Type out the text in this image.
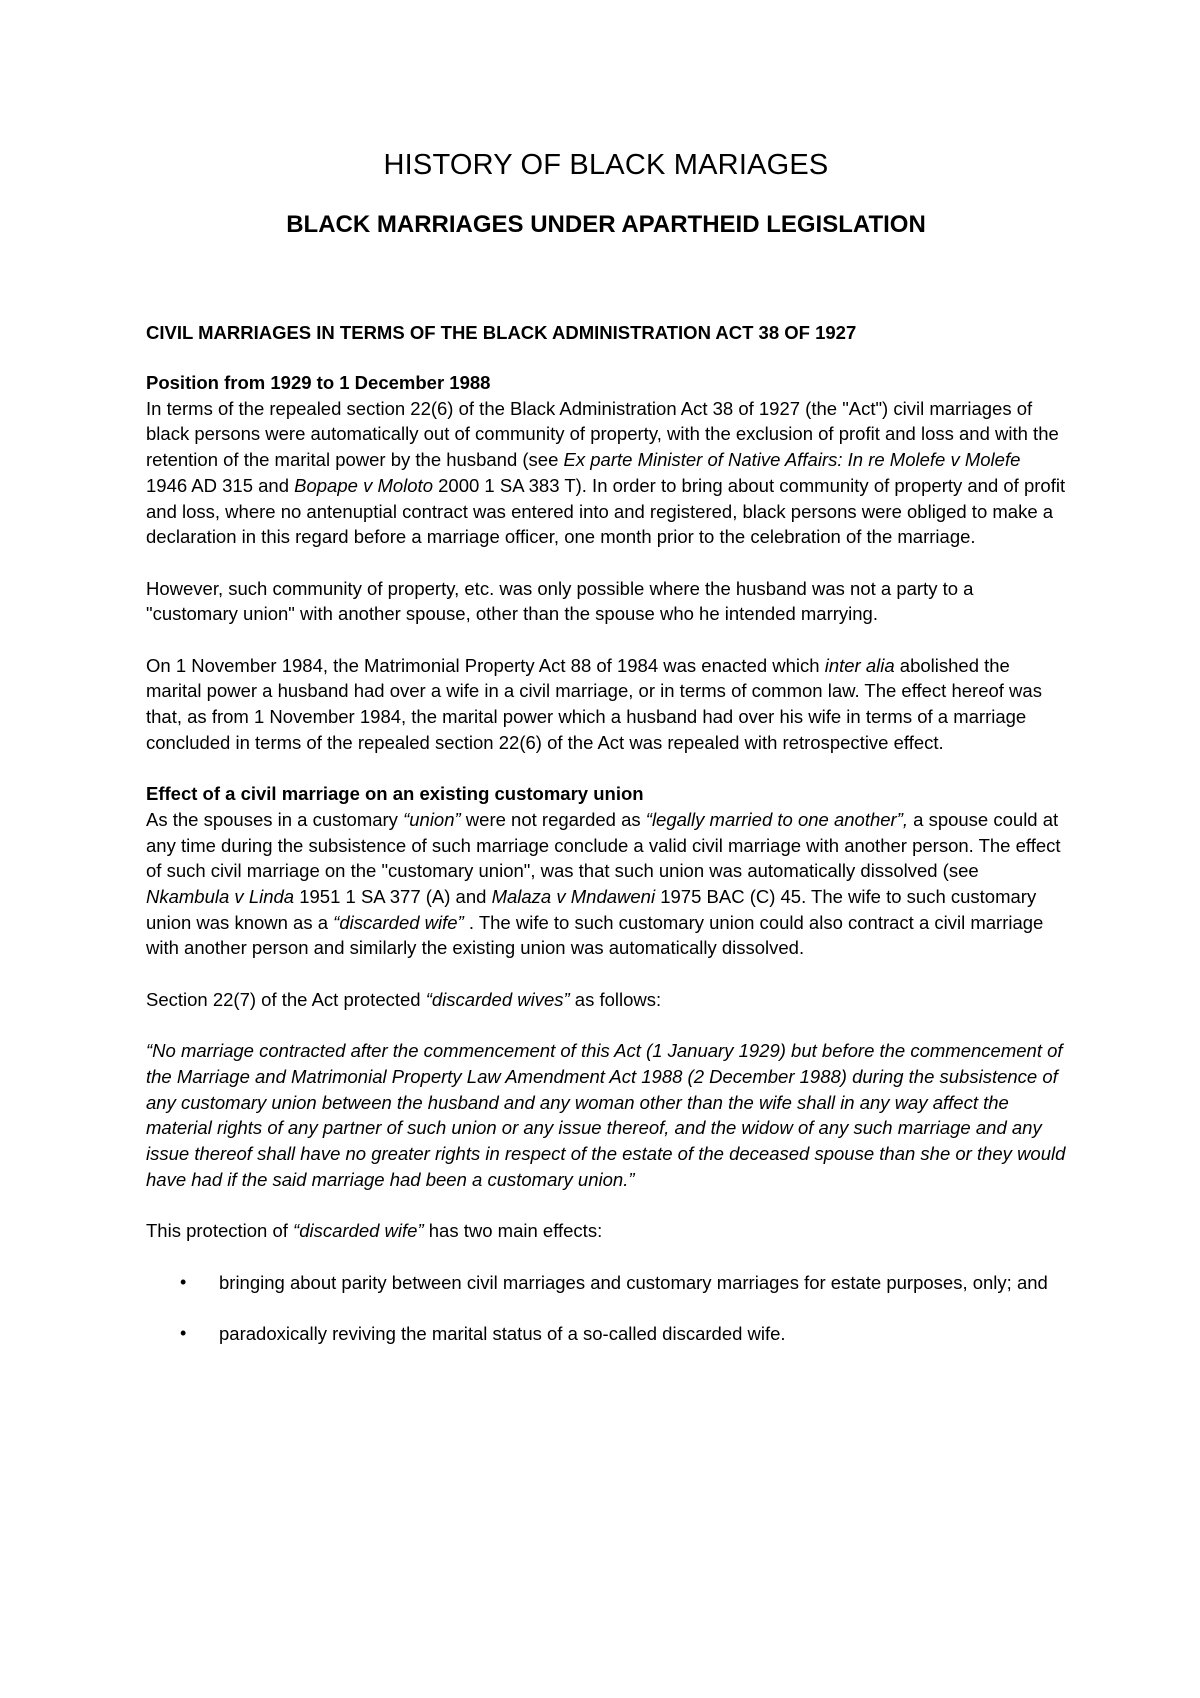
HISTORY OF BLACK MARIAGES
BLACK MARRIAGES UNDER APARTHEID LEGISLATION
CIVIL MARRIAGES IN TERMS OF THE BLACK ADMINISTRATION ACT 38 OF 1927
Position from 1929 to 1 December 1988

In terms of the repealed section 22(6) of the Black Administration Act 38 of 1927 (the "Act") civil marriages of black persons were automatically out of community of property, with the exclusion of profit and loss and with the retention of the marital power by the husband (see Ex parte Minister of Native Affairs: In re Molefe v Molefe 1946 AD 315 and Bopape v Moloto 2000 1 SA 383 T). In order to bring about community of property and of profit and loss, where no antenuptial contract was entered into and registered, black persons were obliged to make a declaration in this regard before a marriage officer, one month prior to the celebration of the marriage.

However, such community of property, etc. was only possible where the husband was not a party to a "customary union" with another spouse, other than the spouse who he intended marrying.

On 1 November 1984, the Matrimonial Property Act 88 of 1984 was enacted which inter alia abolished the marital power a husband had over a wife in a civil marriage, or in terms of common law. The effect hereof was that, as from 1 November 1984, the marital power which a husband had over his wife in terms of a marriage concluded in terms of the repealed section 22(6) of the Act was repealed with retrospective effect.

Effect of a civil marriage on an existing customary union

As the spouses in a customary “union” were not regarded as “legally married to one another”, a spouse could at any time during the subsistence of such marriage conclude a valid civil marriage with another person. The effect of such civil marriage on the "customary union", was that such union was automatically dissolved (see Nkambula v Linda 1951 1 SA 377 (A) and Malaza v Mndaweni 1975 BAC (C) 45. The wife to such customary union was known as a “discarded wife” . The wife to such customary union could also contract a civil marriage with another person and similarly the existing union was automatically dissolved.

Section 22(7) of the Act protected “discarded wives” as follows:

“No marriage contracted after the commencement of this Act (1 January 1929) but before the commencement of the Marriage and Matrimonial Property Law Amendment Act 1988 (2 December 1988) during the subsistence of any customary union between the husband and any woman other than the wife shall in any way affect the material rights of any partner of such union or any issue thereof, and the widow of any such marriage and any issue thereof shall have no greater rights in respect of the estate of the deceased spouse than she or they would have had if the said marriage had been a customary union.”

This protection of “discarded wife” has two main effects:

• bringing about parity between civil marriages and customary marriages for estate purposes, only; and
• paradoxically reviving the marital status of a so-called discarded wife.
